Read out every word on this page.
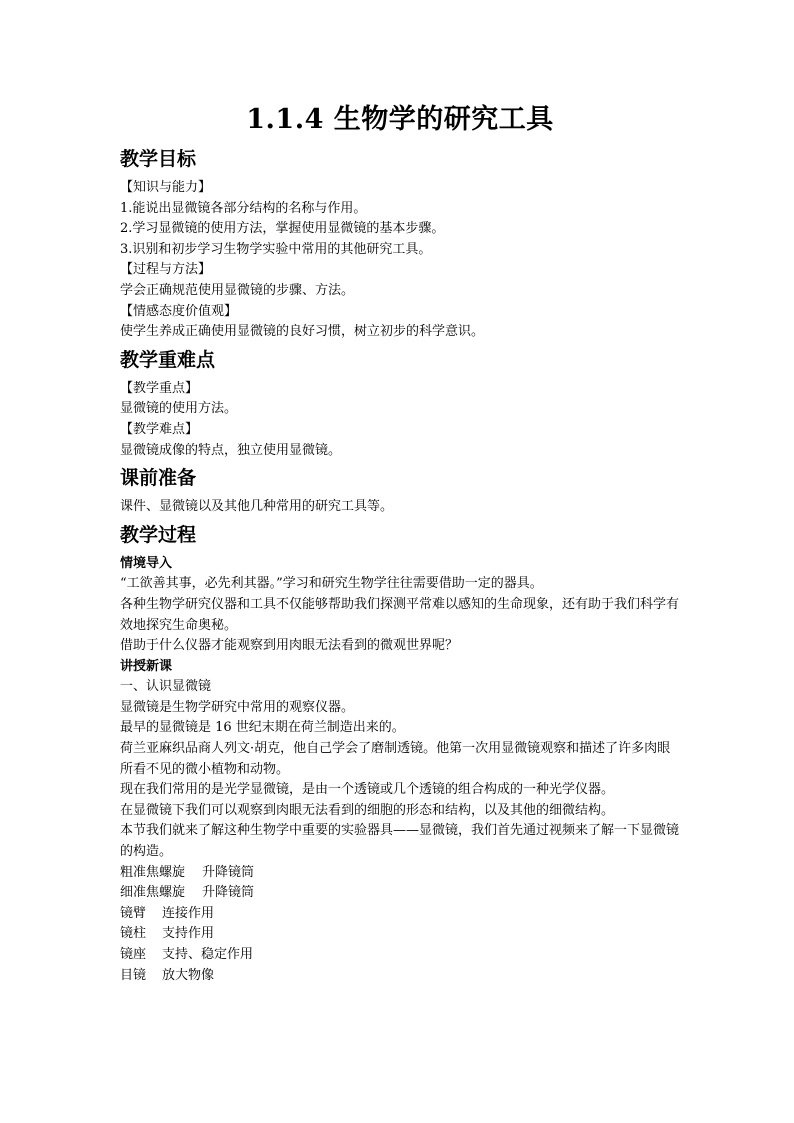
1.1.4 生物学的研究工具
教学目标

【知识与能力】

1.能说出显微镜各部分结构的名称与作用。

2.学习显微镜的使用方法，掌握使用显微镜的基本步骤。

3.识别和初步学习生物学实验中常用的其他研究工具。

【过程与方法】

学会正确规范使用显微镜的步骤、方法。

【情感态度价值观】

使学生养成正确使用显微镜的良好习惯，树立初步的科学意识。

教学重难点

【教学重点】

显微镜的使用方法。

【教学难点】

显微镜成像的特点，独立使用显微镜。

课前准备

课件、显微镜以及其他几种常用的研究工具等。

教学过程
情境导入

“工欲善其事，必先利其器。”学习和研究生物学往往需要借助一定的器具。

各种生物学研究仪器和工具不仅能够帮助我们探测平常难以感知的生命现象，还有助于我们科学有效地探究生命奥秘。

借助于什么仪器才能观察到用肉眼无法看到的微观世界呢？

讲授新课

一、认识显微镜

显微镜是生物学研究中常用的观察仪器。

最早的显微镜是 16 世纪末期在荷兰制造出来的。

荷兰亚麻织品商人列文·胡克，他自己学会了磨制透镜。他第一次用显微镜观察和描述了许多肉眼所看不见的微小植物和动物。

现在我们常用的是光学显微镜，是由一个透镜或几个透镜的组合构成的一种光学仪器。

在显微镜下我们可以观察到肉眼无法看到的细胞的形态和结构，以及其他的细微结构。

本节我们就来了解这种生物学中重要的实验器具——显微镜，我们首先通过视频来了解一下显微镜的构造。

粗准焦螺旋 升降镜筒

细准焦螺旋 升降镜筒

镜臂 连接作用

镜柱 支持作用

镜座 支持、稳定作用

目镜 放大物像
